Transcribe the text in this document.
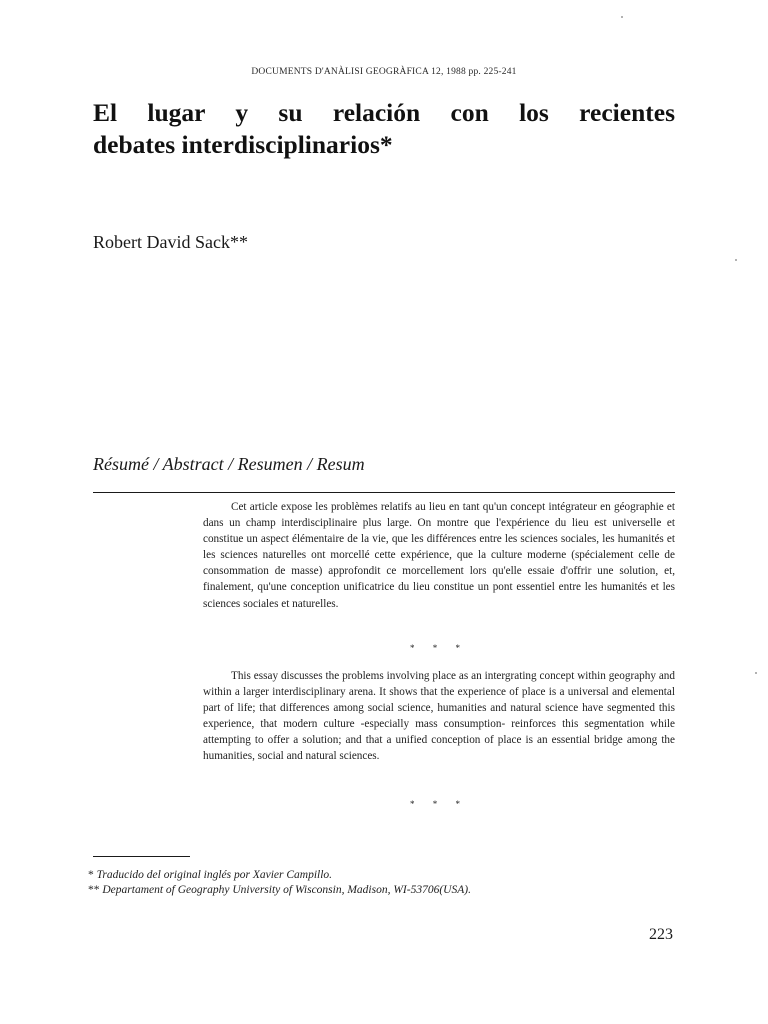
DOCUMENTS D'ANÀLISI GEOGRÀFICA 12, 1988 pp. 225-241
El lugar y su relación con los recientes
debates interdisciplinarios*
Robert David Sack**
Résumé / Abstract / Resumen / Resum

Cet article expose les problèmes relatifs au lieu en tant qu'un concept intégrateur en géographie et dans un champ interdisciplinaire plus large. On montre que l'expérience du lieu est universelle et constitue un aspect élémentaire de la vie, que les différences entre les sciences sociales, les humanités et les sciences naturelles ont morcellé cette expérience, que la culture moderne (spécialement celle de consommation de masse) approfondit ce morcellement lors qu'elle essaie d'offrir une solution, et, finalement, qu'une conception unificatrice du lieu constitue un pont essentiel entre les humanités et les sciences sociales et naturelles.

* * *

This essay discusses the problems involving place as an intergrating concept within geography and within a larger interdisciplinary arena. It shows that the experience of place is a universal and elemental part of life; that differences among social science, humanities and natural science have segmented this experience, that modern culture -especially mass consumption- reinforces this segmentation while attempting to offer a solution; and that a unified conception of place is an essential bridge among the humanities, social and natural sciences.

* * *
* Traducido del original inglés por Xavier Campillo.
** Departament of Geography University of Wisconsin, Madison, WI-53706(USA).
223
